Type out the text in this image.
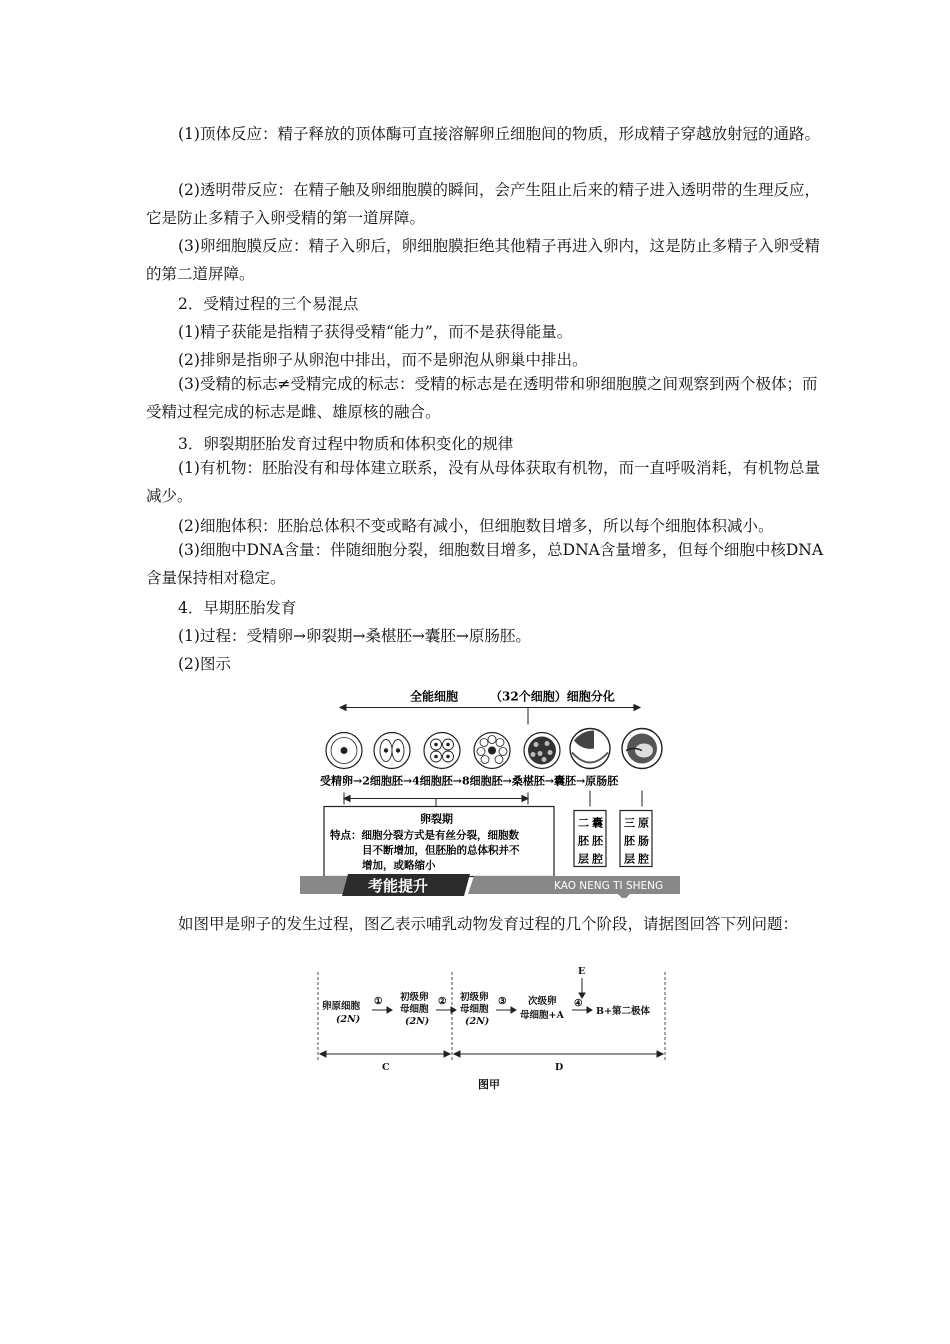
(1)顶体反应：精子释放的顶体酶可直接溶解卵丘细胞间的物质，形成精子穿越放射冠的通路。
(2)透明带反应：在精子触及卵细胞膜的瞬间，会产生阻止后来的精子进入透明带的生理反应，它是防止多精子入卵受精的第一道屏障。
(3)卵细胞膜反应：精子入卵后，卵细胞膜拒绝其他精子再进入卵内，这是防止多精子入卵受精的第二道屏障。
2．受精过程的三个易混点
(1)精子获能是指精子获得受精“能力”，而不是获得能量。
(2)排卵是指卵子从卵泡中排出，而不是卵泡从卵巢中排出。
(3)受精的标志≠受精完成的标志：受精的标志是在透明带和卵细胞膜之间观察到两个极体；而受精过程完成的标志是雌、雄原核的融合。
3．卵裂期胚胎发育过程中物质和体积变化的规律
(1)有机物：胚胎没有和母体建立联系，没有从母体获取有机物，而一直呼吸消耗，有机物总量减少。
(2)细胞体积：胚胎总体积不变或略有减小，但细胞数目增多，所以每个细胞体积减小。
(3)细胞中DNA含量：伴随细胞分裂，细胞数目增多，总DNA含量增多，但每个细胞中核DNA含量保持相对稳定。
4．早期胚胎发育
(1)过程：受精卵→卵裂期→桑椹胚→囊胚→原肠胚。
(2)图示
全能细胞	（32个细胞）细胞分化
受精卵→2细胞胚→4细胞胚→8细胞胚→桑椹胚→囊胚→原肠胚
卵裂期
特点：细胞分裂方式是有丝分裂，细胞数
目不断增加，但胚胎的总体积并不
增加，或略缩小
二 囊
胚 胚
层 腔
三 原
胚 肠
层 腔
考能提升	KAO NENG TI SHENG
如图甲是卵子的发生过程，图乙表示哺乳动物发育过程的几个阶段，请据图回答下列问题：
卵原细胞
(2N)
① 初级卵
母细胞
(2N)
② 初级卵
母细胞
(2N)
③ 次级卵
母细胞+A
E
④
B+第二极体
C	D
图甲
